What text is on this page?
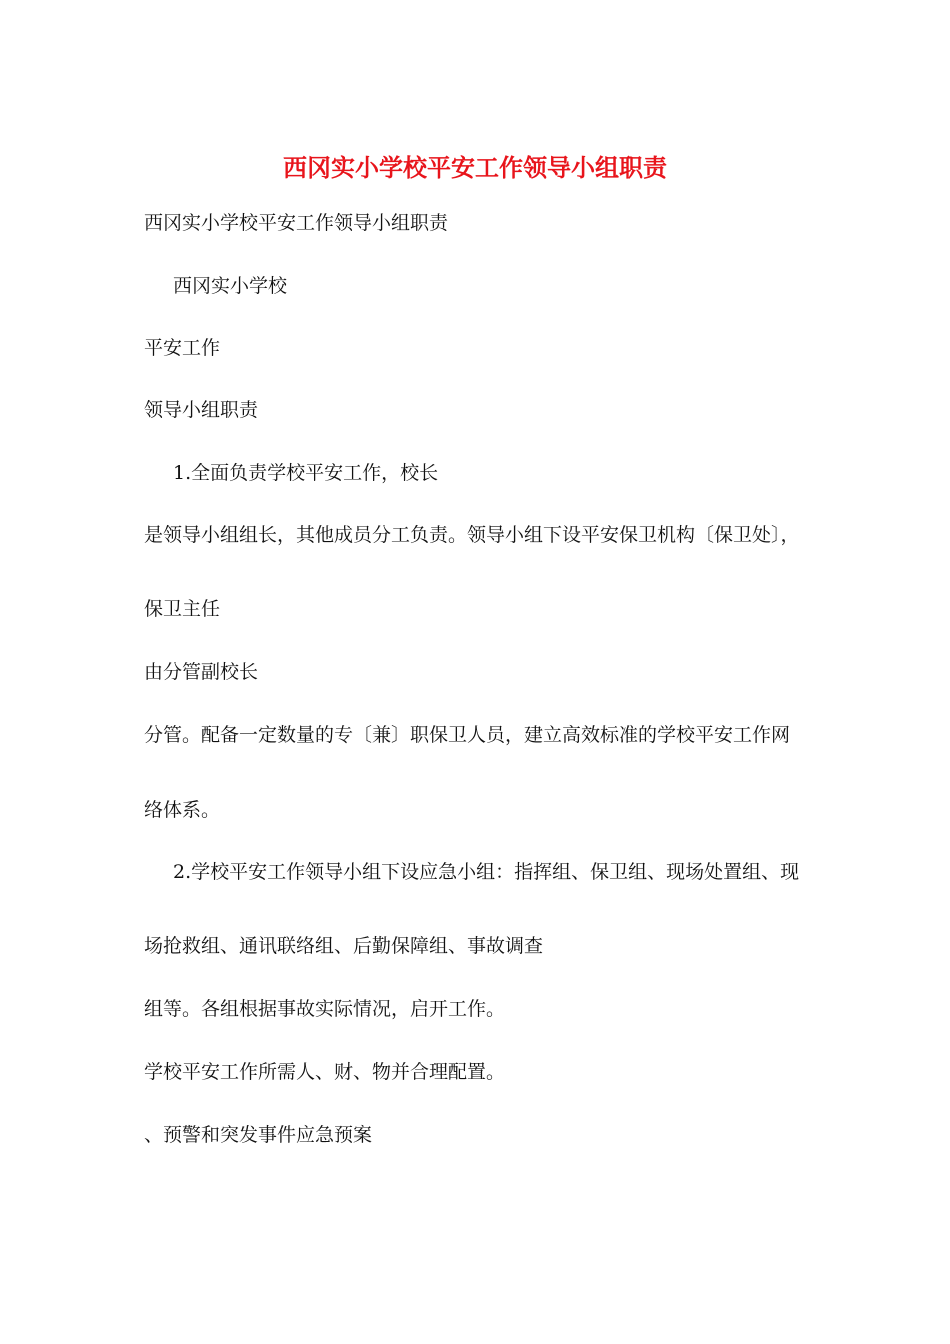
西冈实小学校平安工作领导小组职责

西冈实小学校平安工作领导小组职责

西冈实小学校

平安工作

领导小组职责

1.全面负责学校平安工作，校长

是领导小组组长，其他成员分工负责。领导小组下设平安保卫机构〔保卫处〕，

保卫主任

由分管副校长

分管。配备一定数量的专〔兼〕职保卫人员，建立高效标准的学校平安工作网

络体系。

2.学校平安工作领导小组下设应急小组：指挥组、保卫组、现场处置组、现

场抢救组、通讯联络组、后勤保障组、事故调查

组等。各组根据事故实际情况，启开工作。

学校平安工作所需人、财、物并合理配置。

、预警和突发事件应急预案
